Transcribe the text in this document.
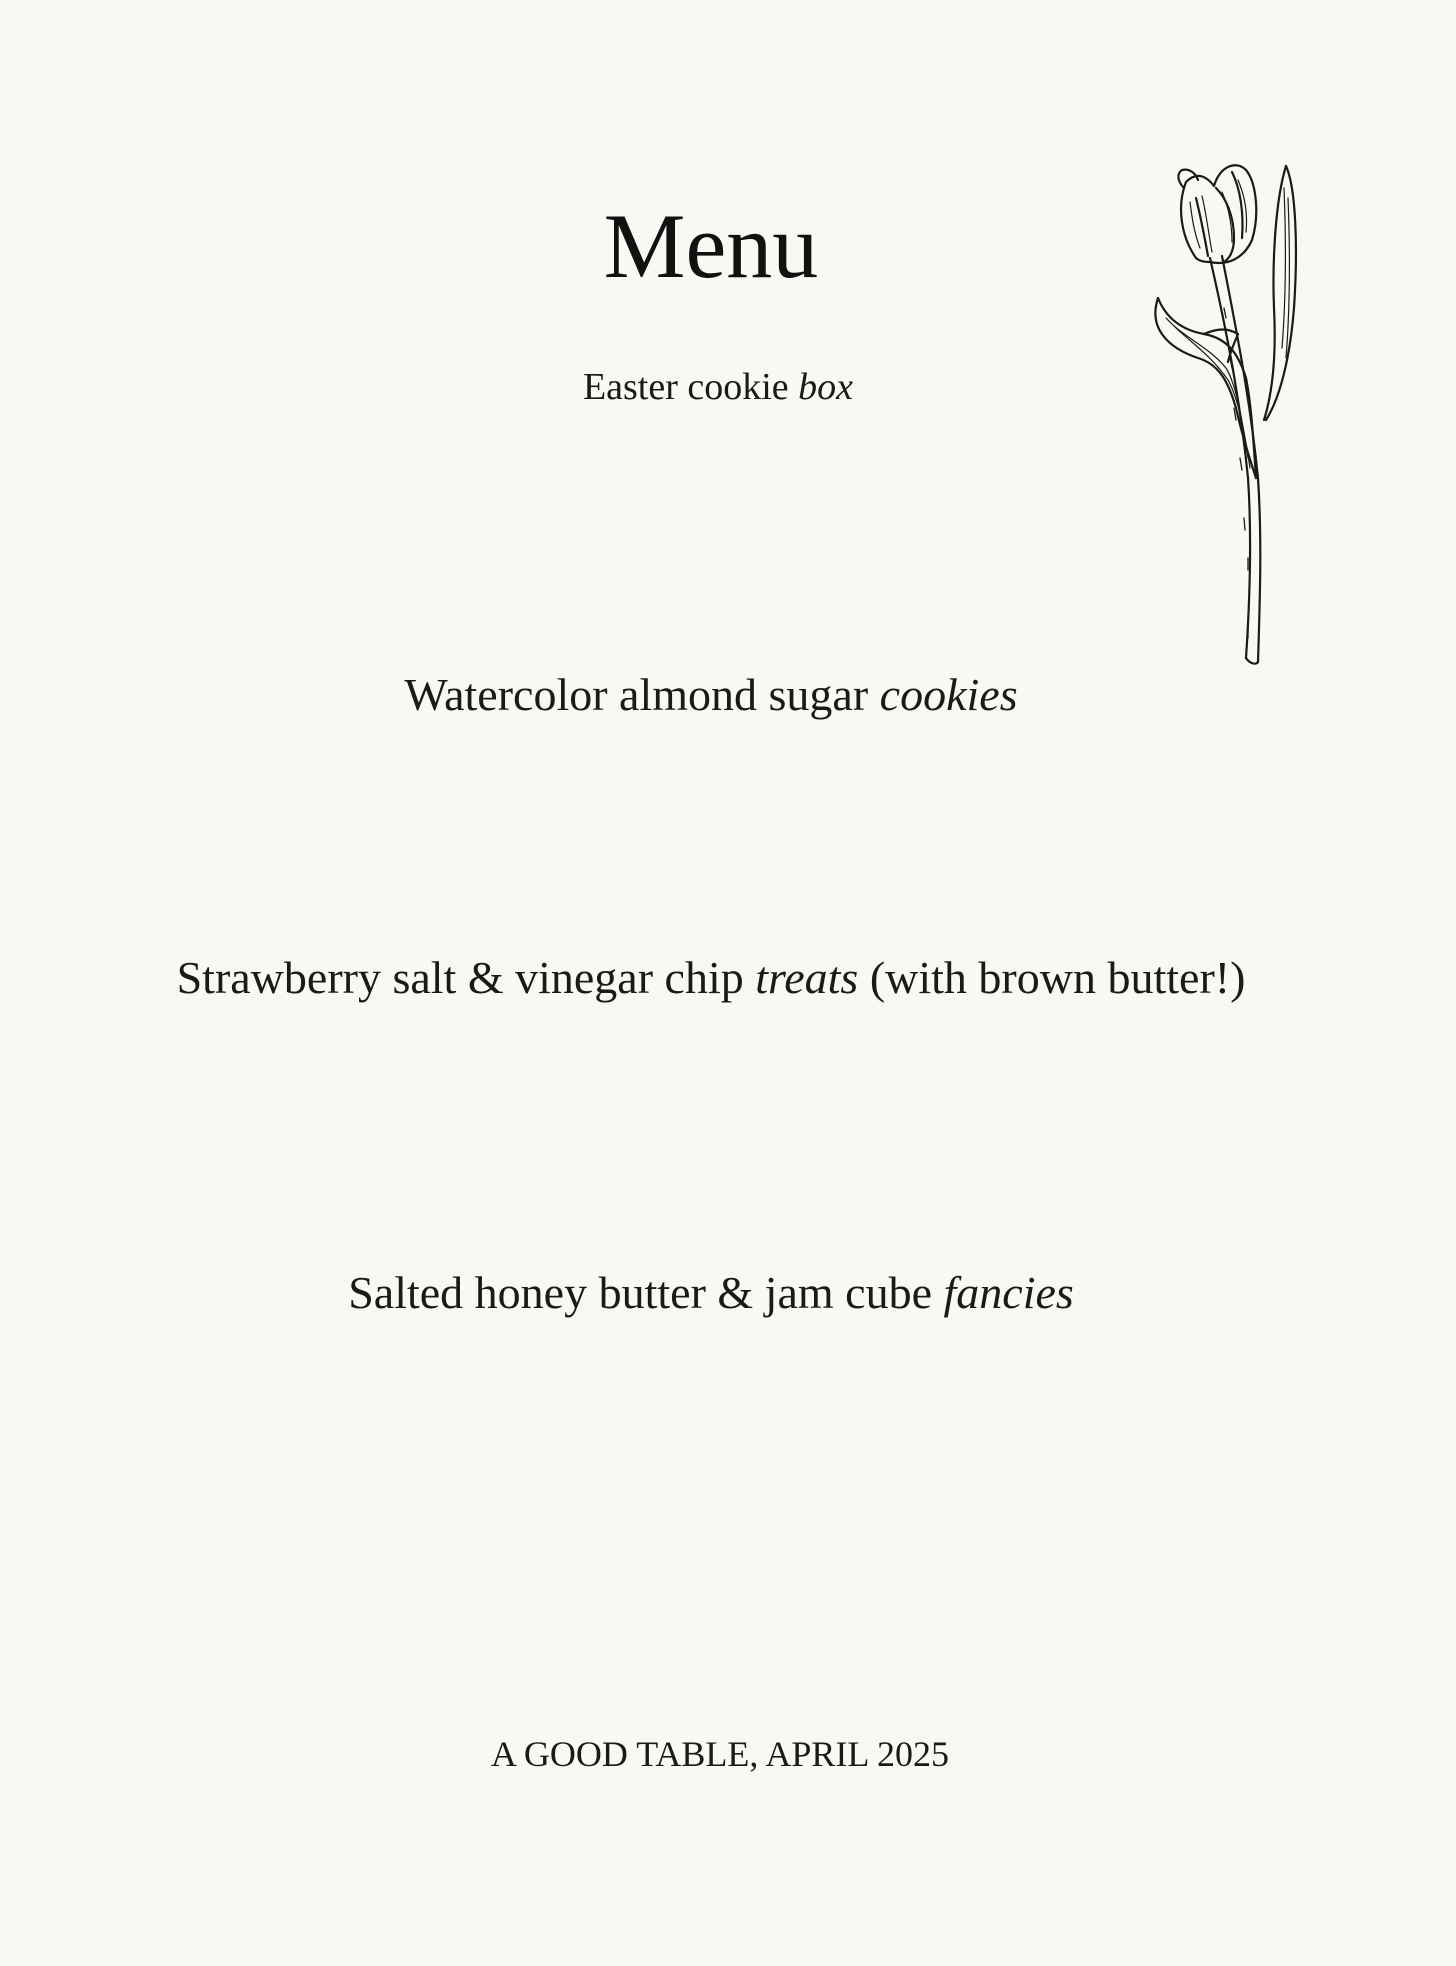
Menu
Easter cookie box
Watercolor almond sugar cookies
Strawberry salt & vinegar chip treats (with brown butter!)
Salted honey butter & jam cube fancies
A GOOD TABLE, APRIL 2025
